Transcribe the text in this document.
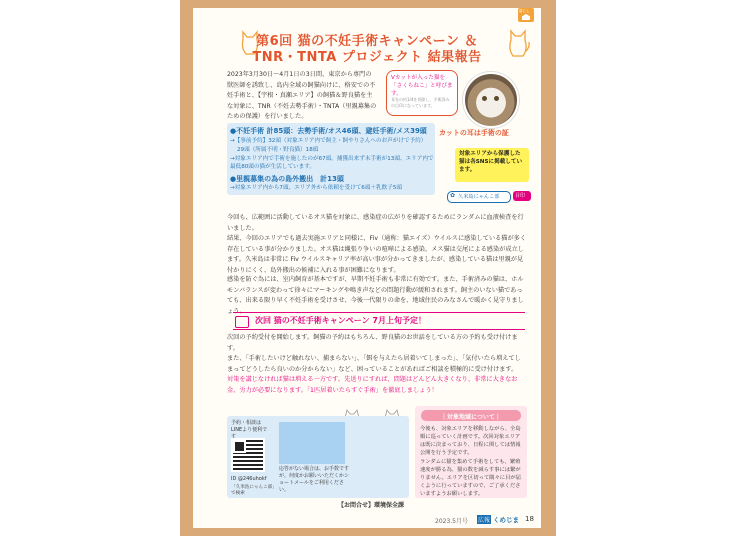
暮らし
第6回 猫の不妊手術キャンペーン ＆
TNR・TNTA プロジェクト 結果報告
2023年3月30日～4月1日の3日間、東京から専門の獣医師を誘致し、島内全域の飼猫向けに、格安での不妊手術と、【宇根・真瀬エリア】の飼猫＆野良猫を主な対象に、TNR（不妊去勢手術）・TNTA（里親募集のための保護）を行いました。
Vカットが入った猫を「さくらねこ」と呼びます。
耳先の約1/4を切除し、手術済みの目印になっています。
カットの耳は手術の証
●不妊手術 計85頭：去勢手術/オス46頭、避妊手術/メス39頭
→【事前予約】32頭（対象エリア内で飼主・飼やりさんへのお声がけで予約）
29頭（所属不明・野良猫）18頭
→対象エリア内で手術を施したのが67頭。捕獲出来ず未手術が13頭、エリア内で最低80頭の猫が生活しています。
●里親募集の為の島外搬出　計13頭
→対象エリア内から7頭、エリア外から依頼を受けて6頭＋乳飲子5頭
対象エリアから保護した猫は各SNSに掲載しています。
✿ 久米島にゃんこ部	目印
今回も、広範囲に活動しているオス猫を対象に、感染症の広がりを確認するためにランダムに血液検査を行いました。
結果、今回のエリアでも過去実施エリアと同様に、Fiv（通称：猫エイズ）ウイルスに感染している猫が多く存在している事が分かりました。オス猫は縄張り争いの喧嘩による感染、メス猫は交尾による感染が成立します。久米島は非常に Fiv ウイルスキャリア率が高い事が分かってきましたが、感染している猫は里親が見付かりにくく、島外搬出の候補に入れる事が困難になります。
感染を防ぐ為には、室内飼育が基本ですが、早期不妊手術も非常に有効です。また、手術済みの猫は、ホルモンバランスが変わって徐々にマーキングや鳴き声などの問題行動が緩和されます。飼主のいない猫であっても、出来る限り早く不妊手術を受けさせ、今後一代限りの命を、地域住民のみなさんで暖かく見守りましょう。
次回 猫の不妊手術キャンペーン 7月上旬予定！
次回の予約受付を開始します。飼猫の予約はもちろん、野良猫のお世話をしている方の予約も受け付けます。
また、「手術したいけど触れない、捕まらない」、「餌を与えたら居着いてしまった」、「気付いたら増えてしまってどうしたら良いのか分からない」など、困っていることがあればご相談を積極的に受け付けます。
対策を講じなければ猫は増える一方です。先送りにすれば、問題はどんどん大きくなり、非常に大きなお金、労力が必要になります。「1匹居着いたらすぐ手術」を徹底しましょう！
予約・相談は LINEより便利です
応答がない場合は、お手数ですが、何度かお願いいただくかショートメールをご利用ください。
ID @246uhokf
「久米島にゃんこ部」で検索
｜対象地域について｜
今後も、対象エリアを移動しながら、全島順に巡っていく計画です。次回対象エリアは既に決まっており、日程に関しては情報公開を行う予定です。
ランダムに猫を集めて手術をしても、繁殖速度が勝る為、猫の数を減らす事には繋がりません。エリアを区切って隅々に目が届くように行っていますので、ご了承くださいますようお願いします。
【お問合せ】環境保全課
2023.5月号 広報 くめじま 18
